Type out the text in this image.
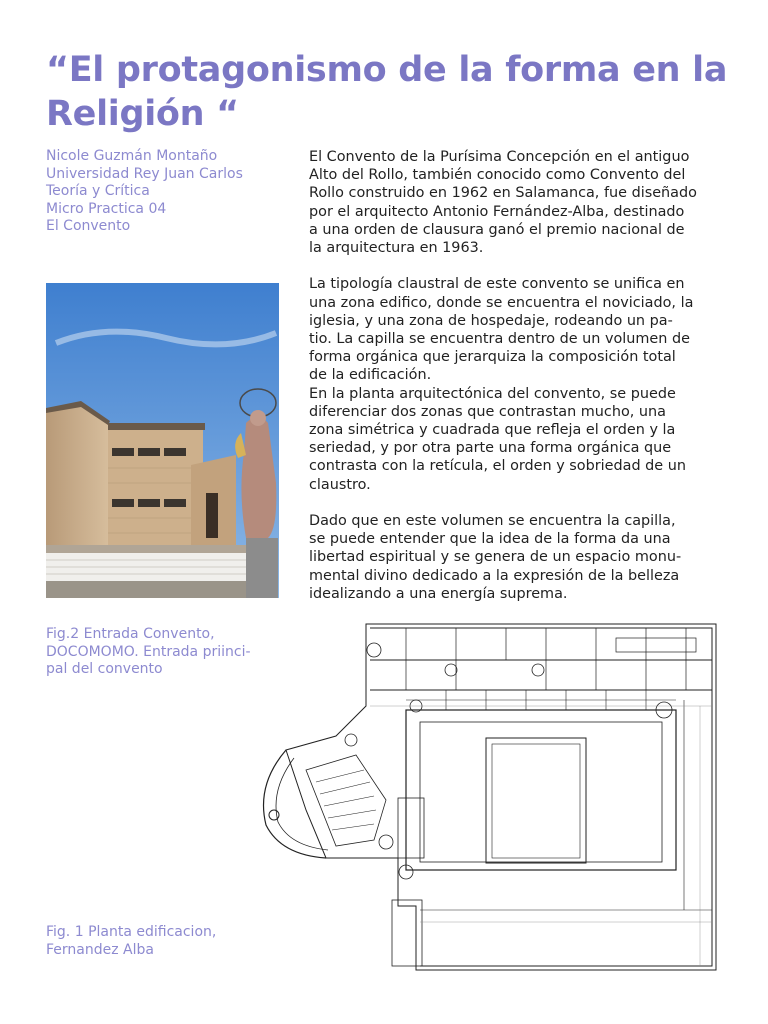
“El protagonismo de la forma en la Religión “
Nicole Guzmán Montaño
Universidad Rey Juan Carlos
Teoría y Crítica
Micro Practica 04
El Convento

El Convento de la Purísima Concepción en el antiguo
Alto del Rollo, también conocido como Convento del
Rollo construido en 1962 en Salamanca, fue diseñado
por el arquitecto Antonio Fernández-Alba, destinado
a una orden de clausura ganó el premio nacional de
la arquitectura en 1963.

La tipología claustral de este convento se unifica en
una zona edifico, donde se encuentra el noviciado, la
iglesia, y una zona de hospedaje, rodeando un pa-
tio. La capilla se encuentra dentro de un volumen de
forma orgánica que jerarquiza la composición total
de la edificación.

En la planta arquitectónica del convento, se puede
diferenciar dos zonas que contrastan mucho, una
zona simétrica y cuadrada que refleja el orden y la
seriedad, y por otra parte una forma orgánica que
contrasta con la retícula, el orden y sobriedad de un
claustro.

Dado que en este volumen se encuentra la capilla,
se puede entender que la idea de la forma da una
libertad espiritual y se genera de un espacio monu-
mental divino dedicado a la expresión de la belleza
idealizando a una energía suprema.

Fig.2 Entrada Convento,
DOCOMOMO. Entrada priinci-
pal del convento
Fig. 1 Planta edificacion,
Fernandez Alba
